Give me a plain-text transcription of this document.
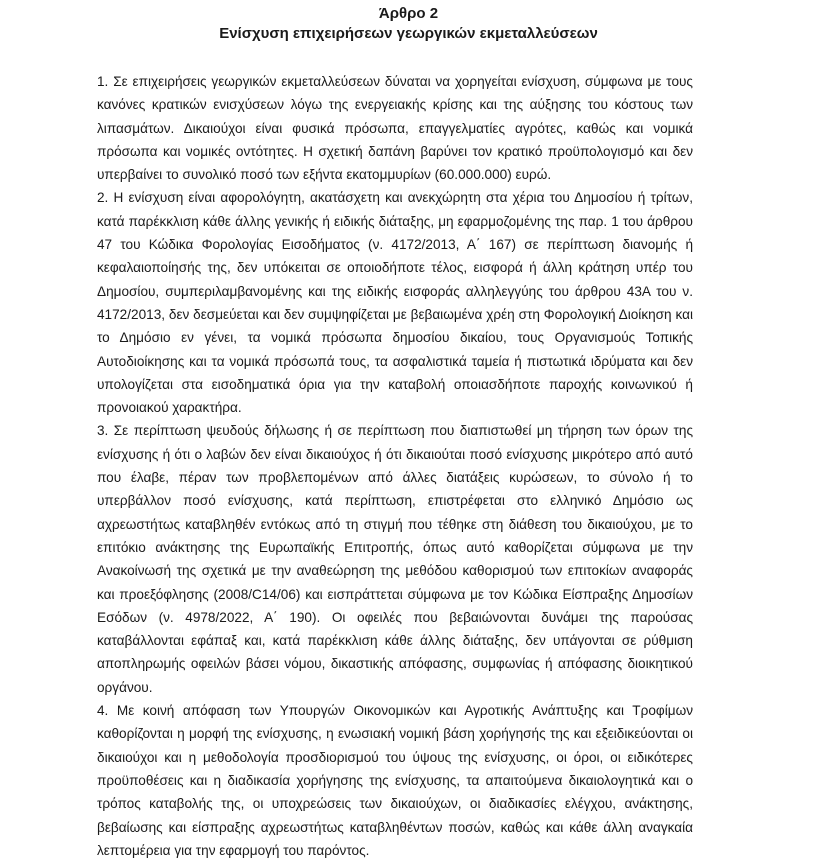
Άρθρο 2
Ενίσχυση επιχειρήσεων γεωργικών εκμεταλλεύσεων

1. Σε επιχειρήσεις γεωργικών εκμεταλλεύσεων δύναται να χορηγείται ενίσχυση, σύμφωνα με τους κανόνες κρατικών ενισχύσεων λόγω της ενεργειακής κρίσης και της αύξησης του κόστους των λιπασμάτων. Δικαιούχοι είναι φυσικά πρόσωπα, επαγγελματίες αγρότες, καθώς και νομικά πρόσωπα και νομικές οντότητες. Η σχετική δαπάνη βαρύνει τον κρατικό προϋπολογισμό και δεν υπερβαίνει το συνολικό ποσό των εξήντα εκατομμυρίων (60.000.000) ευρώ.

2. Η ενίσχυση είναι αφορολόγητη, ακατάσχετη και ανεκχώρητη στα χέρια του Δημοσίου ή τρίτων, κατά παρέκκλιση κάθε άλλης γενικής ή ειδικής διάταξης, μη εφαρμοζομένης της παρ. 1 του άρθρου 47 του Κώδικα Φορολογίας Εισοδήματος (ν. 4172/2013, Α΄ 167) σε περίπτωση διανομής ή κεφαλαιοποίησής της, δεν υπόκειται σε οποιοδήποτε τέλος, εισφορά ή άλλη κράτηση υπέρ του Δημοσίου, συμπεριλαμβανομένης και της ειδικής εισφοράς αλληλεγγύης του άρθρου 43Α του ν. 4172/2013, δεν δεσμεύεται και δεν συμψηφίζεται με βεβαιωμένα χρέη στη Φορολογική Διοίκηση και το Δημόσιο εν γένει, τα νομικά πρόσωπα δημοσίου δικαίου, τους Οργανισμούς Τοπικής Αυτοδιοίκησης και τα νομικά πρόσωπά τους, τα ασφαλιστικά ταμεία ή πιστωτικά ιδρύματα και δεν υπολογίζεται στα εισοδηματικά όρια για την καταβολή οποιασδήποτε παροχής κοινωνικού ή προνοιακού χαρακτήρα.

3. Σε περίπτωση ψευδούς δήλωσης ή σε περίπτωση που διαπιστωθεί μη τήρηση των όρων της ενίσχυσης ή ότι ο λαβών δεν είναι δικαιούχος ή ότι δικαιούται ποσό ενίσχυσης μικρότερο από αυτό που έλαβε, πέραν των προβλεπομένων από άλλες διατάξεις κυρώσεων, το σύνολο ή το υπερβάλλον ποσό ενίσχυσης, κατά περίπτωση, επιστρέφεται στο ελληνικό Δημόσιο ως αχρεωστήτως καταβληθέν εντόκως από τη στιγμή που τέθηκε στη διάθεση του δικαιούχου, με το επιτόκιο ανάκτησης της Ευρωπαϊκής Επιτροπής, όπως αυτό καθορίζεται σύμφωνα με την Ανακοίνωσή της σχετικά με την αναθεώρηση της μεθόδου καθορισμού των επιτοκίων αναφοράς και προεξόφλησης (2008/C14/06) και εισπράττεται σύμφωνα με τον Κώδικα Είσπραξης Δημοσίων Εσόδων (ν. 4978/2022, Α΄ 190). Οι οφειλές που βεβαιώνονται δυνάμει της παρούσας καταβάλλονται εφάπαξ και, κατά παρέκκλιση κάθε άλλης διάταξης, δεν υπάγονται σε ρύθμιση αποπληρωμής οφειλών βάσει νόμου, δικαστικής απόφασης, συμφωνίας ή απόφασης διοικητικού οργάνου.

4. Με κοινή απόφαση των Υπουργών Οικονομικών και Αγροτικής Ανάπτυξης και Τροφίμων καθορίζονται η μορφή της ενίσχυσης, η ενωσιακή νομική βάση χορήγησής της και εξειδικεύονται οι δικαιούχοι και η μεθοδολογία προσδιορισμού του ύψους της ενίσχυσης, οι όροι, οι ειδικότερες προϋποθέσεις και η διαδικασία χορήγησης της ενίσχυσης, τα απαιτούμενα δικαιολογητικά και ο τρόπος καταβολής της, οι υποχρεώσεις των δικαιούχων, οι διαδικασίες ελέγχου, ανάκτησης, βεβαίωσης και είσπραξης αχρεωστήτως καταβληθέντων ποσών, καθώς και κάθε άλλη αναγκαία λεπτομέρεια για την εφαρμογή του παρόντος.
